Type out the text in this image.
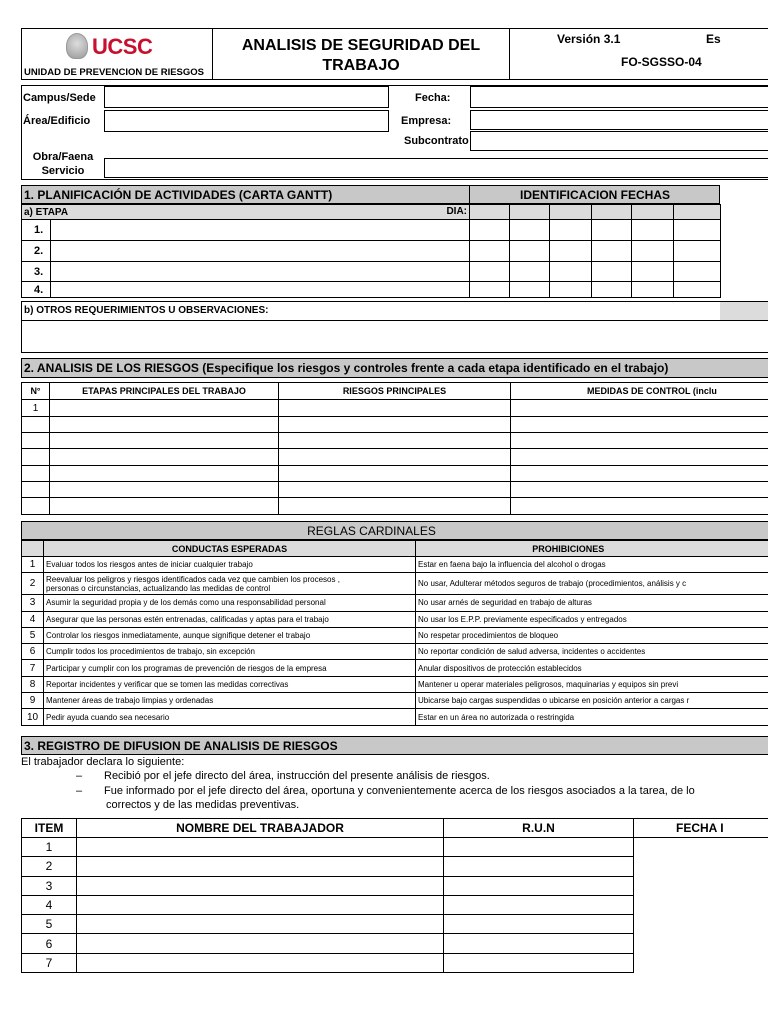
UCSC
UNIDAD DE PREVENCION DE RIESGOS
ANALISIS DE SEGURIDAD DEL
TRABAJO
Versión 3.1	Es
FO-SGSSO-04
Campus/Sede
Área/Edificio
Fecha:
Empresa:
Subcontrato
Obra/Faena
Servicio
1. PLANIFICACIÓN DE ACTIVIDADES (CARTA GANTT)	IDENTIFICACION FECHAS
a) ETAPA DIA:						

1.						

2.						

3.						

4.						

b) OTROS REQUERIMIENTOS U OBSERVACIONES:
2. ANALISIS DE LOS RIESGOS (Especifique los riesgos y controles frente a cada etapa identificado en el trabajo)
N°	ETAPAS PRINCIPALES DEL TRABAJO	RIESGOS PRINCIPALES	MEDIDAS DE CONTROL (inclu
1			

REGLAS CARDINALES
	CONDUCTAS ESPERADAS	PROHIBICIONES
1	Evaluar todos los riesgos antes de iniciar cualquier trabajo	Estar en faena bajo la influencia del alcohol o drogas
2	Reevaluar los peligros y riesgos identificados cada vez que cambien los procesos ,
personas o circunstancias, actualizando las medidas de control	No usar, Adulterar métodos seguros de trabajo (procedimientos, análisis y c
3	Asumir la seguridad propia y de los demás como una responsabilidad personal	No usar arnés de seguridad en trabajo de alturas
4	Asegurar que las personas estén entrenadas, calificadas y aptas para el trabajo	No usar los E.P.P. previamente especificados y entregados
5	Controlar los riesgos inmediatamente, aunque signifique detener el trabajo	No respetar procedimientos de bloqueo
6	Cumplir todos los procedimientos de trabajo, sin excepción	No reportar condición de salud adversa, incidentes o accidentes
7	Participar y cumplir con los programas de prevención de riesgos de la empresa	Anular dispositivos de protección establecidos
8	Reportar incidentes y verificar que se tomen las medidas correctivas	Mantener u operar materiales peligrosos, maquinarias y equipos sin previ
9	Mantener áreas de trabajo limpias y ordenadas	Ubicarse bajo cargas suspendidas o ubicarse en posición anterior a cargas r
10	Pedir ayuda cuando sea necesario	Estar en un área no autorizada o restringida
3. REGISTRO DE DIFUSION DE ANALISIS DE RIESGOS
El trabajador declara lo siguiente:
– Recibió por el jefe directo del área, instrucción del presente análisis de riesgos.
– Fue informado por el jefe directo del área, oportuna y convenientemente acerca de los riesgos asociados a la tarea, de lo
correctos y de las medidas preventivas.
ITEM	NOMBRE DEL TRABAJADOR	R.U.N	FECHA I
1			
2			
3			
4			
5			
6			
7			
